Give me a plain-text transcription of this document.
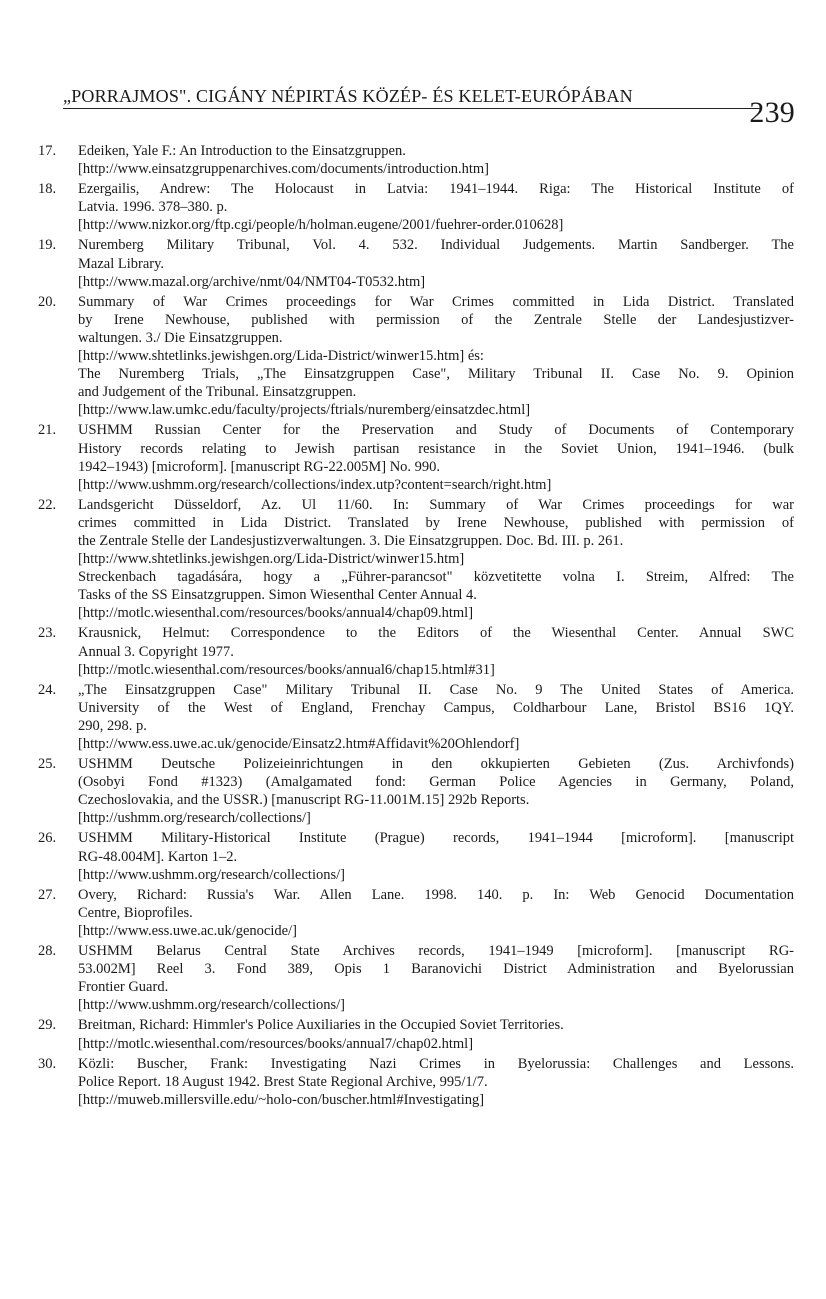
„PORRAJMOS". CIGÁNY NÉPIRTÁS KÖZÉP- ÉS KELET-EURÓPÁBAN	239
17.	Edeiken, Yale F.: An Introduction to the Einsatzgruppen.
[http://www.einsatzgruppenarchives.com/documents/introduction.htm]
18.	Ezergailis, Andrew: The Holocaust in Latvia: 1941–1944. Riga: The Historical Institute of
Latvia. 1996. 378–380. p.
[http://www.nizkor.org/ftp.cgi/people/h/holman.eugene/2001/fuehrer-order.010628]
19.	Nuremberg Military Tribunal, Vol. 4. 532. Individual Judgements. Martin Sandberger. The
Mazal Library.
[http://www.mazal.org/archive/nmt/04/NMT04-T0532.htm]
20.	Summary of War Crimes proceedings for War Crimes committed in Lida District. Translated
by Irene Newhouse, published with permission of the Zentrale Stelle der Landesjustizver-
waltungen. 3./ Die Einsatzgruppen.
[http://www.shtetlinks.jewishgen.org/Lida-District/winwer15.htm] és:
The Nuremberg Trials, „The Einsatzgruppen Case", Military Tribunal II. Case No. 9. Opinion
and Judgement of the Tribunal. Einsatzgruppen.
[http://www.law.umkc.edu/faculty/projects/ftrials/nuremberg/einsatzdec.html]
21.	USHMM Russian Center for the Preservation and Study of Documents of Contemporary
History records relating to Jewish partisan resistance in the Soviet Union, 1941–1946. (bulk
1942–1943) [microform]. [manuscript RG-22.005M] No. 990.
[http://www.ushmm.org/research/collections/index.utp?content=search/right.htm]
22.	Landsgericht Düsseldorf, Az. Ul 11/60. In: Summary of War Crimes proceedings for war
crimes committed in Lida District. Translated by Irene Newhouse, published with permission of
the Zentrale Stelle der Landesjustizverwaltungen. 3. Die Einsatzgruppen. Doc. Bd. III. p. 261.
[http://www.shtetlinks.jewishgen.org/Lida-District/winwer15.htm]
Streckenbach tagadására, hogy a „Führer-parancsot" közvetitette volna I. Streim, Alfred: The
Tasks of the SS Einsatzgruppen. Simon Wiesenthal Center Annual 4.
[http://motlc.wiesenthal.com/resources/books/annual4/chap09.html]
23.	Krausnick, Helmut: Correspondence to the Editors of the Wiesenthal Center. Annual SWC
Annual 3. Copyright 1977.
[http://motlc.wiesenthal.com/resources/books/annual6/chap15.html#31]
24.	„The Einsatzgruppen Case" Military Tribunal II. Case No. 9 The United States of America.
University of the West of England, Frenchay Campus, Coldharbour Lane, Bristol BS16 1QY.
290, 298. p.
[http://www.ess.uwe.ac.uk/genocide/Einsatz2.htm#Affidavit%20Ohlendorf]
25.	USHMM Deutsche Polizeieinrichtungen in den okkupierten Gebieten (Zus. Archivfonds)
(Osobyi Fond #1323) (Amalgamated fond: German Police Agencies in Germany, Poland,
Czechoslovakia, and the USSR.) [manuscript RG-11.001M.15] 292b Reports.
[http://ushmm.org/research/collections/]
26.	USHMM Military-Historical Institute (Prague) records, 1941–1944 [microform]. [manuscript
RG-48.004M]. Karton 1–2.
[http://www.ushmm.org/research/collections/]
27.	Overy, Richard: Russia's War. Allen Lane. 1998. 140. p. In: Web Genocid Documentation
Centre, Bioprofiles.
[http://www.ess.uwe.ac.uk/genocide/]
28.	USHMM Belarus Central State Archives records, 1941–1949 [microform]. [manuscript RG-
53.002M] Reel 3. Fond 389, Opis 1 Baranovichi District Administration and Byelorussian
Frontier Guard.
[http://www.ushmm.org/research/collections/]
29.	Breitman, Richard: Himmler's Police Auxiliaries in the Occupied Soviet Territories.
[http://motlc.wiesenthal.com/resources/books/annual7/chap02.html]
30.	Közli: Buscher, Frank: Investigating Nazi Crimes in Byelorussia: Challenges and Lessons.
Police Report. 18 August 1942. Brest State Regional Archive, 995/1/7.
[http://muweb.millersville.edu/~holo-con/buscher.html#Investigating]
